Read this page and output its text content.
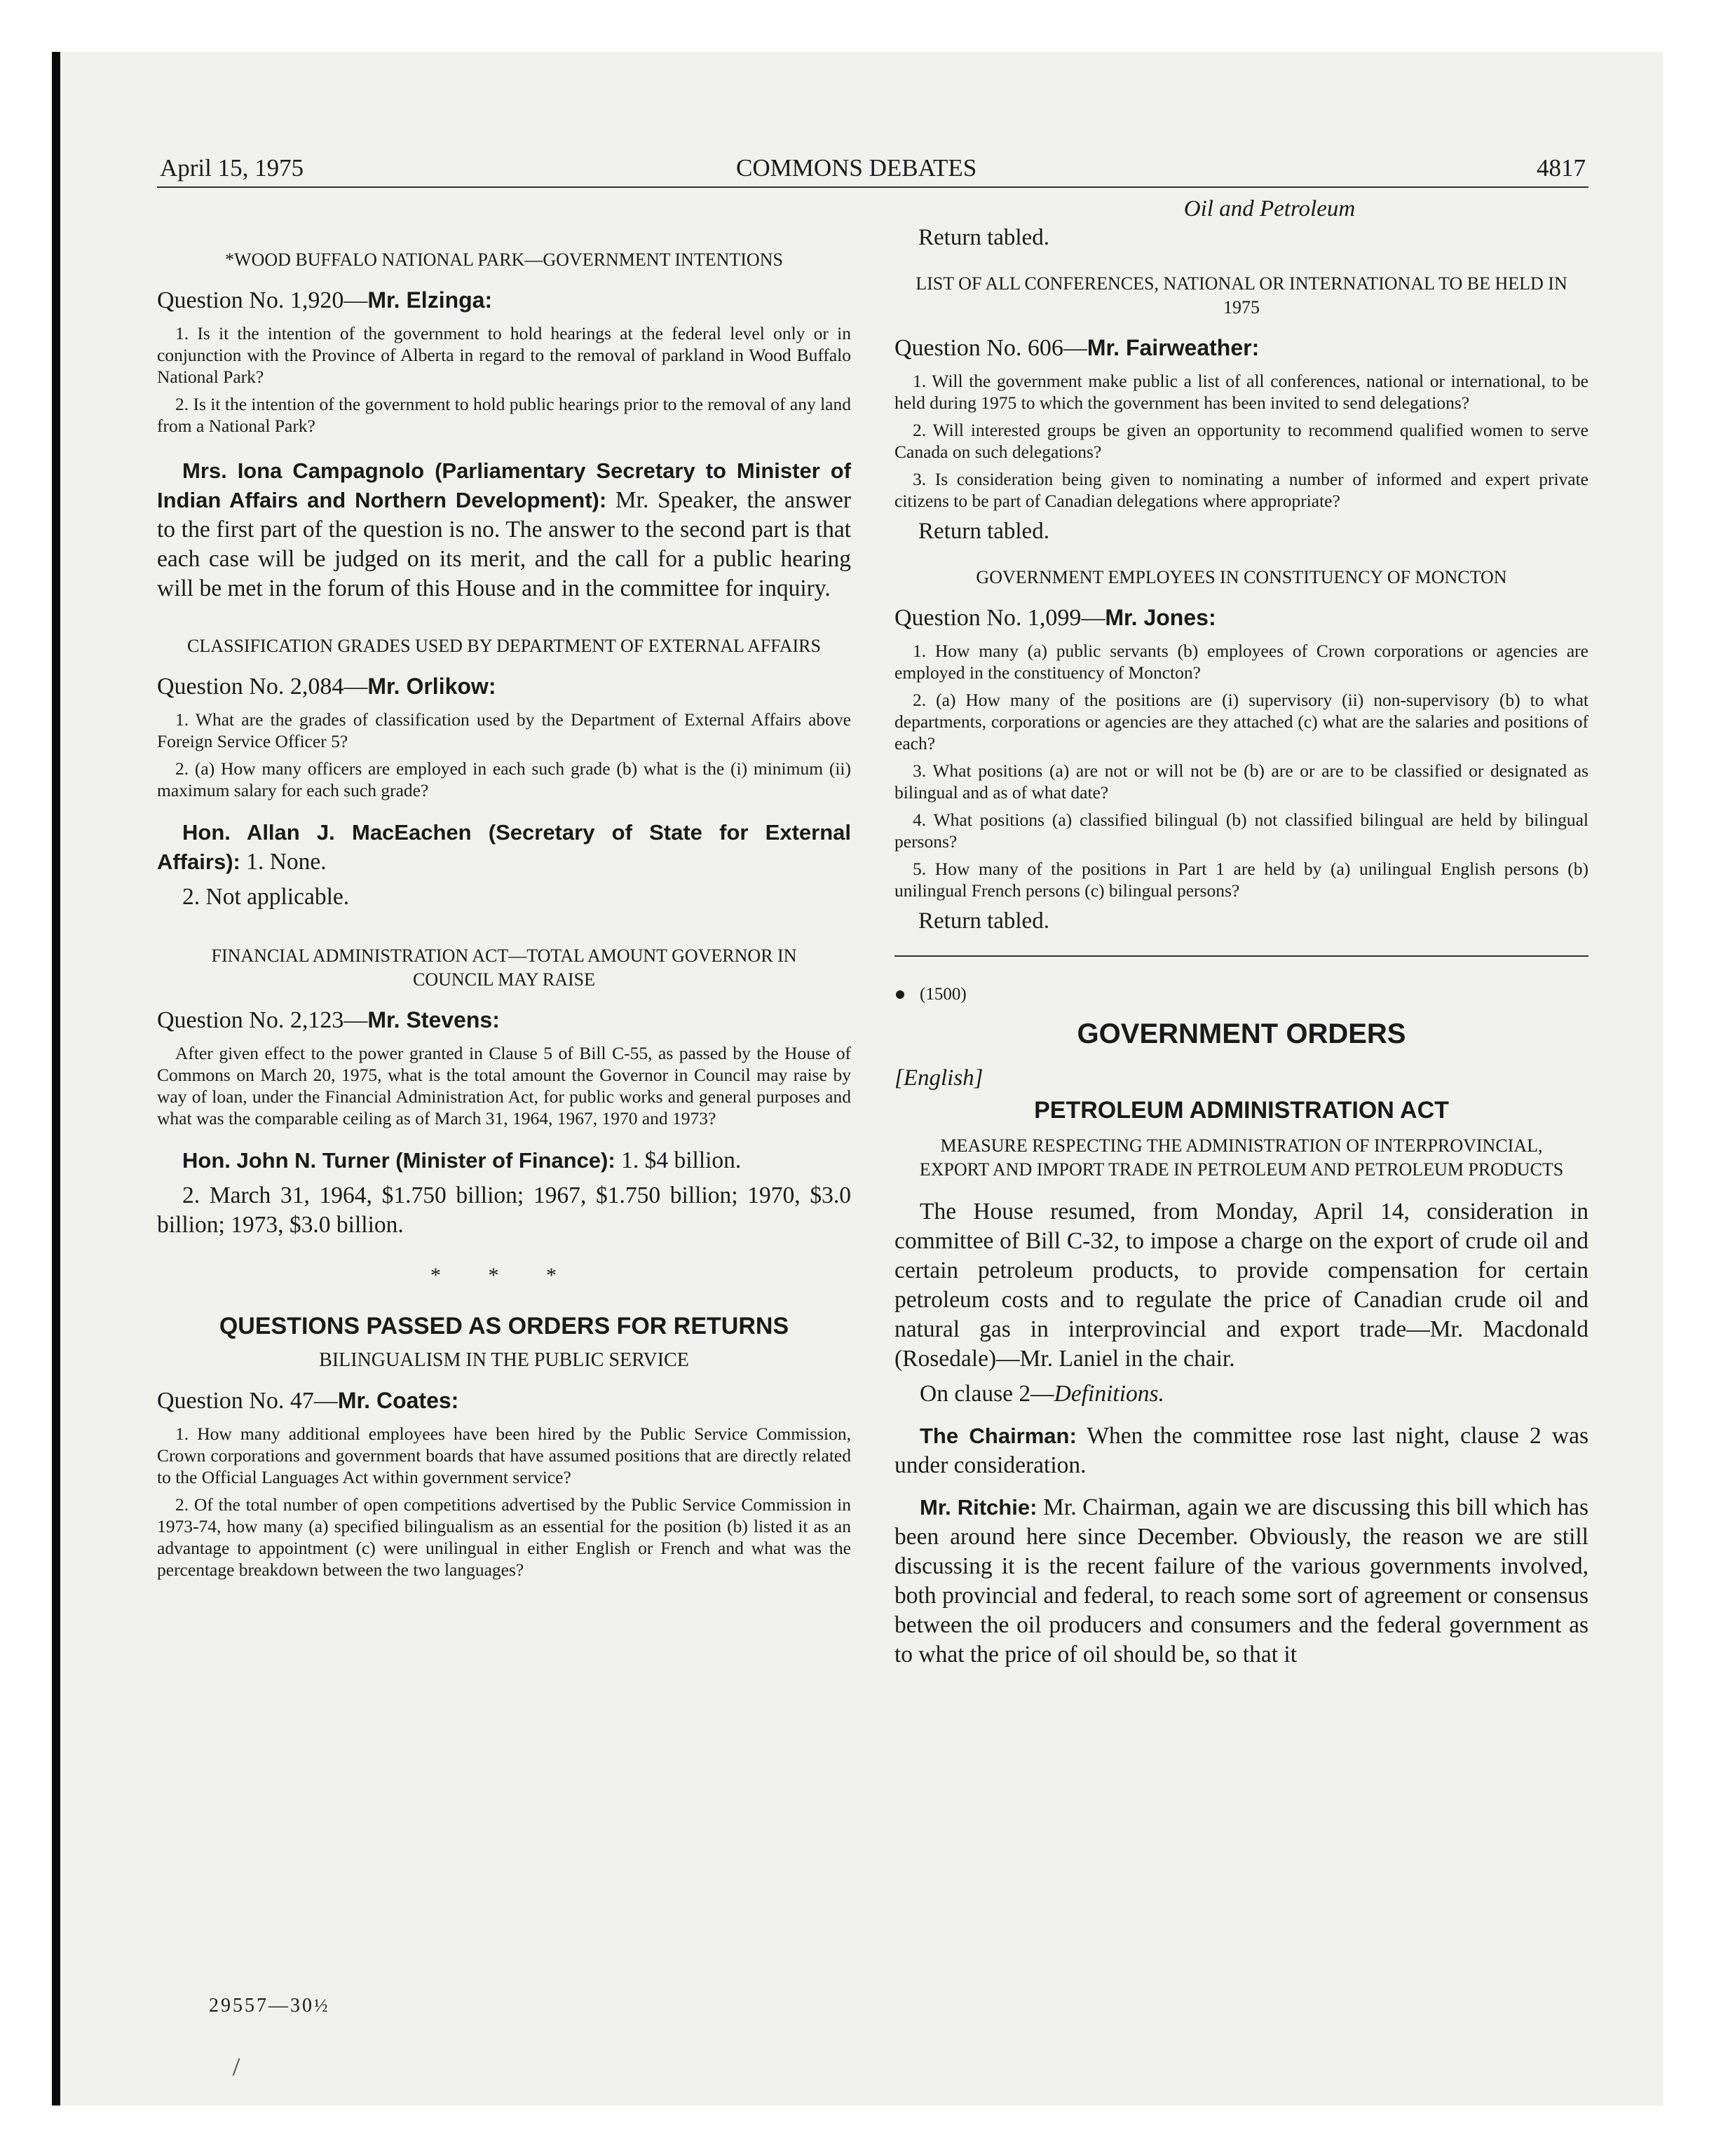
April 15, 1975	COMMONS DEBATES	4817
*WOOD BUFFALO NATIONAL PARK—GOVERNMENT INTENTIONS
Question No. 1,920—Mr. Elzinga:

1. Is it the intention of the government to hold hearings at the federal level only or in conjunction with the Province of Alberta in regard to the removal of parkland in Wood Buffalo National Park?

2. Is it the intention of the government to hold public hearings prior to the removal of any land from a National Park?

Mrs. Iona Campagnolo (Parliamentary Secretary to Minister of Indian Affairs and Northern Development): Mr. Speaker, the answer to the first part of the question is no. The answer to the second part is that each case will be judged on its merit, and the call for a public hearing will be met in the forum of this House and in the committee for inquiry.

CLASSIFICATION GRADES USED BY DEPARTMENT OF EXTERNAL AFFAIRS
Question No. 2,084—Mr. Orlikow:

1. What are the grades of classification used by the Department of External Affairs above Foreign Service Officer 5?

2. (a) How many officers are employed in each such grade (b) what is the (i) minimum (ii) maximum salary for each such grade?

Hon. Allan J. MacEachen (Secretary of State for External Affairs): 1. None.

2. Not applicable.

FINANCIAL ADMINISTRATION ACT—TOTAL AMOUNT GOVERNOR IN COUNCIL MAY RAISE
Question No. 2,123—Mr. Stevens:

After given effect to the power granted in Clause 5 of Bill C-55, as passed by the House of Commons on March 20, 1975, what is the total amount the Governor in Council may raise by way of loan, under the Financial Administration Act, for public works and general purposes and what was the comparable ceiling as of March 31, 1964, 1967, 1970 and 1973?

Hon. John N. Turner (Minister of Finance): 1. $4 billion.

2. March 31, 1964, $1.750 billion; 1967, $1.750 billion; 1970, $3.0 billion; 1973, $3.0 billion.

* * *
QUESTIONS PASSED AS ORDERS FOR RETURNS
BILINGUALISM IN THE PUBLIC SERVICE
Question No. 47—Mr. Coates:

1. How many additional employees have been hired by the Public Service Commission, Crown corporations and government boards that have assumed positions that are directly related to the Official Languages Act within government service?

2. Of the total number of open competitions advertised by the Public Service Commission in 1973-74, how many (a) specified bilingualism as an essential for the position (b) listed it as an advantage to appointment (c) were unilingual in either English or French and what was the percentage breakdown between the two languages?

Oil and Petroleum
Return tabled.
LIST OF ALL CONFERENCES, NATIONAL OR INTERNATIONAL TO BE HELD IN 1975
Question No. 606—Mr. Fairweather:

1. Will the government make public a list of all conferences, national or international, to be held during 1975 to which the government has been invited to send delegations?

2. Will interested groups be given an opportunity to recommend qualified women to serve Canada on such delegations?

3. Is consideration being given to nominating a number of informed and expert private citizens to be part of Canadian delegations where appropriate?

Return tabled.
GOVERNMENT EMPLOYEES IN CONSTITUENCY OF MONCTON
Question No. 1,099—Mr. Jones:

1. How many (a) public servants (b) employees of Crown corporations or agencies are employed in the constituency of Moncton?

2. (a) How many of the positions are (i) supervisory (ii) non-supervisory (b) to what departments, corporations or agencies are they attached (c) what are the salaries and positions of each?

3. What positions (a) are not or will not be (b) are or are to be classified or designated as bilingual and as of what date?

4. What positions (a) classified bilingual (b) not classified bilingual are held by bilingual persons?

5. How many of the positions in Part 1 are held by (a) unilingual English persons (b) unilingual French persons (c) bilingual persons?

Return tabled.
(1500)
GOVERNMENT ORDERS
[English]
PETROLEUM ADMINISTRATION ACT
MEASURE RESPECTING THE ADMINISTRATION OF INTERPROVINCIAL, EXPORT AND IMPORT TRADE IN PETROLEUM AND PETROLEUM PRODUCTS

The House resumed, from Monday, April 14, consideration in committee of Bill C-32, to impose a charge on the export of crude oil and certain petroleum products, to provide compensation for certain petroleum costs and to regulate the price of Canadian crude oil and natural gas in interprovincial and export trade—Mr. Macdonald (Rosedale)—Mr. Laniel in the chair.

On clause 2—Definitions.

The Chairman: When the committee rose last night, clause 2 was under consideration.

Mr. Ritchie: Mr. Chairman, again we are discussing this bill which has been around here since December. Obviously, the reason we are still discussing it is the recent failure of the various governments involved, both provincial and federal, to reach some sort of agreement or consensus between the oil producers and consumers and the federal government as to what the price of oil should be, so that it

29557—30½
